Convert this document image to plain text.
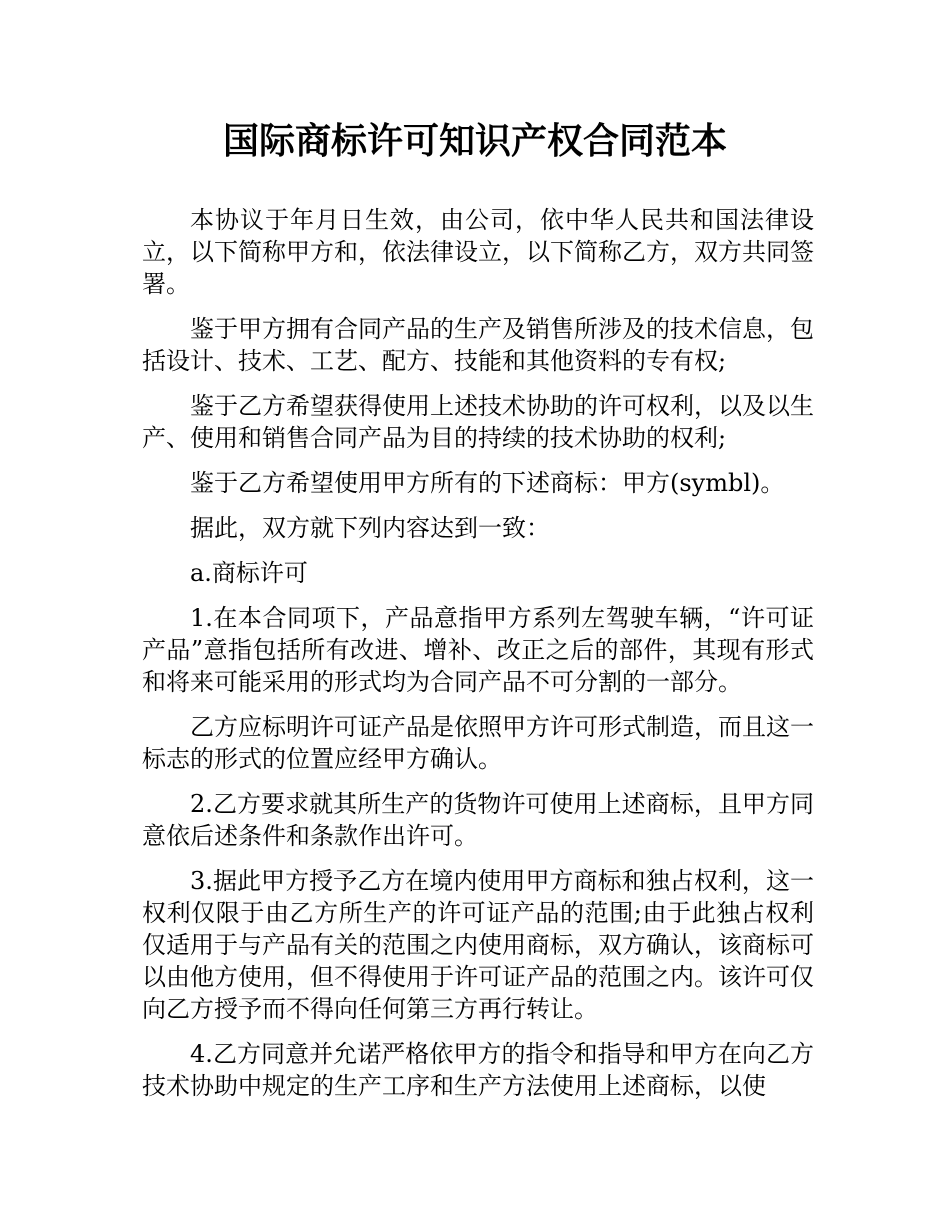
国际商标许可知识产权合同范本

本协议于年月日生效，由公司，依中华人民共和国法律设立，以下简称甲方和，依法律设立，以下简称乙方，双方共同签署。

鉴于甲方拥有合同产品的生产及销售所涉及的技术信息，包括设计、技术、工艺、配方、技能和其他资料的专有权;

鉴于乙方希望获得使用上述技术协助的许可权利，以及以生产、使用和销售合同产品为目的持续的技术协助的权利;

鉴于乙方希望使用甲方所有的下述商标：甲方(symbl)。

据此，双方就下列内容达到一致：

a.商标许可

1.在本合同项下，产品意指甲方系列左驾驶车辆，“许可证产品”意指包括所有改进、增补、改正之后的部件，其现有形式和将来可能采用的形式均为合同产品不可分割的一部分。

乙方应标明许可证产品是依照甲方许可形式制造，而且这一标志的形式的位置应经甲方确认。

2.乙方要求就其所生产的货物许可使用上述商标，且甲方同意依后述条件和条款作出许可。

3.据此甲方授予乙方在境内使用甲方商标和独占权利，这一权利仅限于由乙方所生产的许可证产品的范围;由于此独占权利仅适用于与产品有关的范围之内使用商标，双方确认，该商标可以由他方使用，但不得使用于许可证产品的范围之内。该许可仅向乙方授予而不得向任何第三方再行转让。

4.乙方同意并允诺严格依甲方的指令和指导和甲方在向乙方技术协助中规定的生产工序和生产方法使用上述商标，以使
